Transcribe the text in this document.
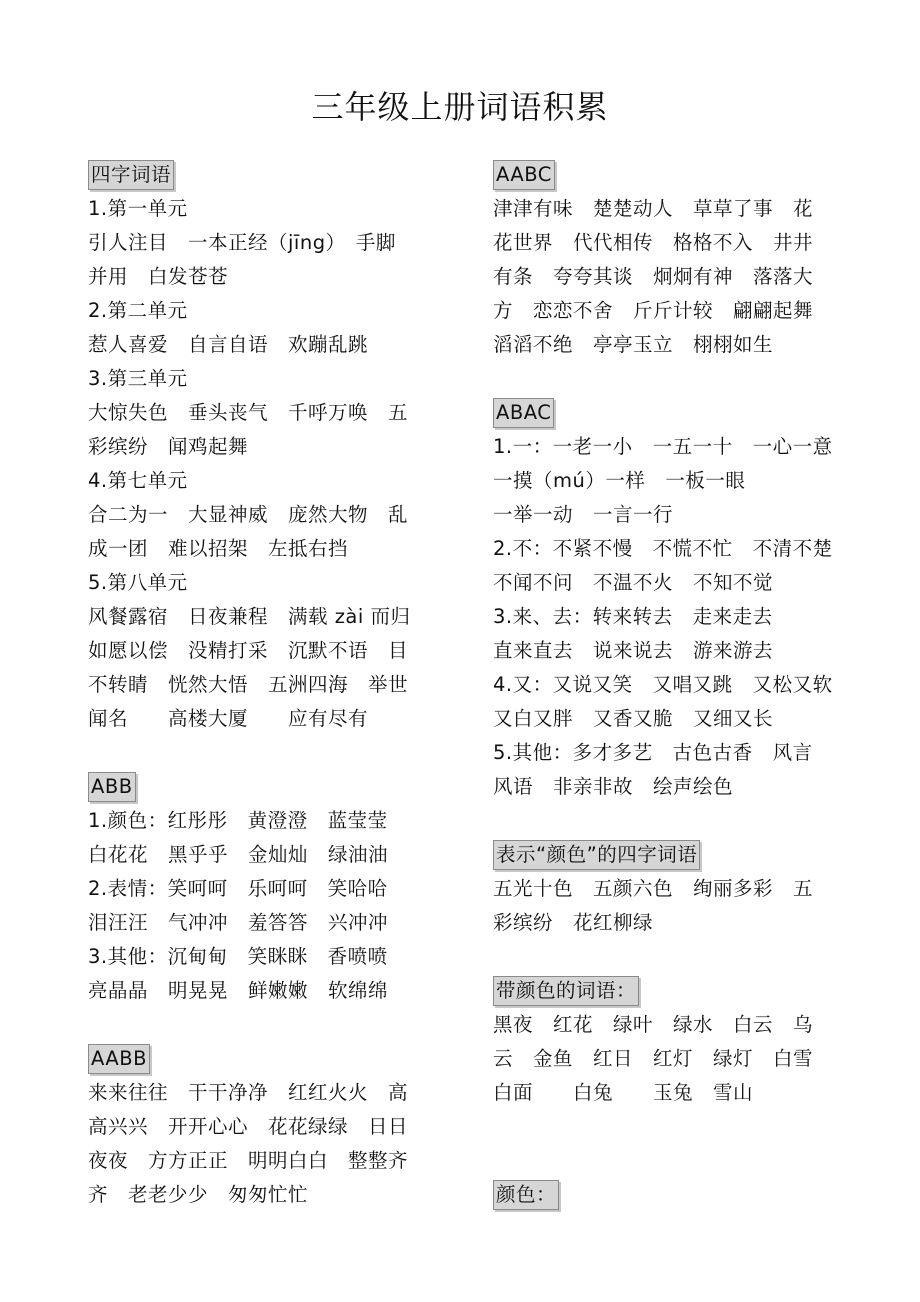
三年级上册词语积累
四字词语
1.第一单元
引人注目　一本正经（jīng）　手脚
并用　白发苍苍
2.第二单元
惹人喜爱　自言自语　欢蹦乱跳
3.第三单元
大惊失色　垂头丧气　千呼万唤　五
彩缤纷　闻鸡起舞
4.第七单元
合二为一　大显神威　庞然大物　乱
成一团　难以招架　左抵右挡
5.第八单元
风餐露宿　日夜兼程　满载 zài 而归
如愿以偿　没精打采　沉默不语　目
不转睛　恍然大悟　五洲四海　举世
闻名　　高楼大厦　　应有尽有
ABB
1.颜色：红彤彤　黄澄澄　蓝莹莹
白花花　黑乎乎　金灿灿　绿油油
2.表情：笑呵呵　乐呵呵　笑哈哈
泪汪汪　气冲冲　羞答答　兴冲冲
3.其他：沉甸甸　笑眯眯　香喷喷
亮晶晶　明晃晃　鲜嫩嫩　软绵绵
AABB
来来往往　干干净净　红红火火　高
高兴兴　开开心心　花花绿绿　日日
夜夜　方方正正　明明白白　整整齐
齐　老老少少　匆匆忙忙
AABC
津津有味　楚楚动人　草草了事　花
花世界　代代相传　格格不入　井井
有条　夸夸其谈　炯炯有神　落落大
方　恋恋不舍　斤斤计较　翩翩起舞
滔滔不绝　亭亭玉立　栩栩如生
ABAC
1.一：一老一小　一五一十　一心一意
一摸（mú）一样　一板一眼
一举一动　一言一行
2.不：不紧不慢　不慌不忙　不清不楚
不闻不问　不温不火　不知不觉
3.来、去：转来转去　走来走去
直来直去　说来说去　游来游去
4.又：又说又笑　又唱又跳　又松又软
又白又胖　又香又脆　又细又长
5.其他：多才多艺　古色古香　风言
风语　非亲非故　绘声绘色
表示“颜色”的四字词语
五光十色　五颜六色　绚丽多彩　五
彩缤纷　花红柳绿
带颜色的词语：
黑夜　红花　绿叶　绿水　白云　乌
云　金鱼　红日　红灯　绿灯　白雪
白面　　白兔　　玉兔　雪山
颜色：
